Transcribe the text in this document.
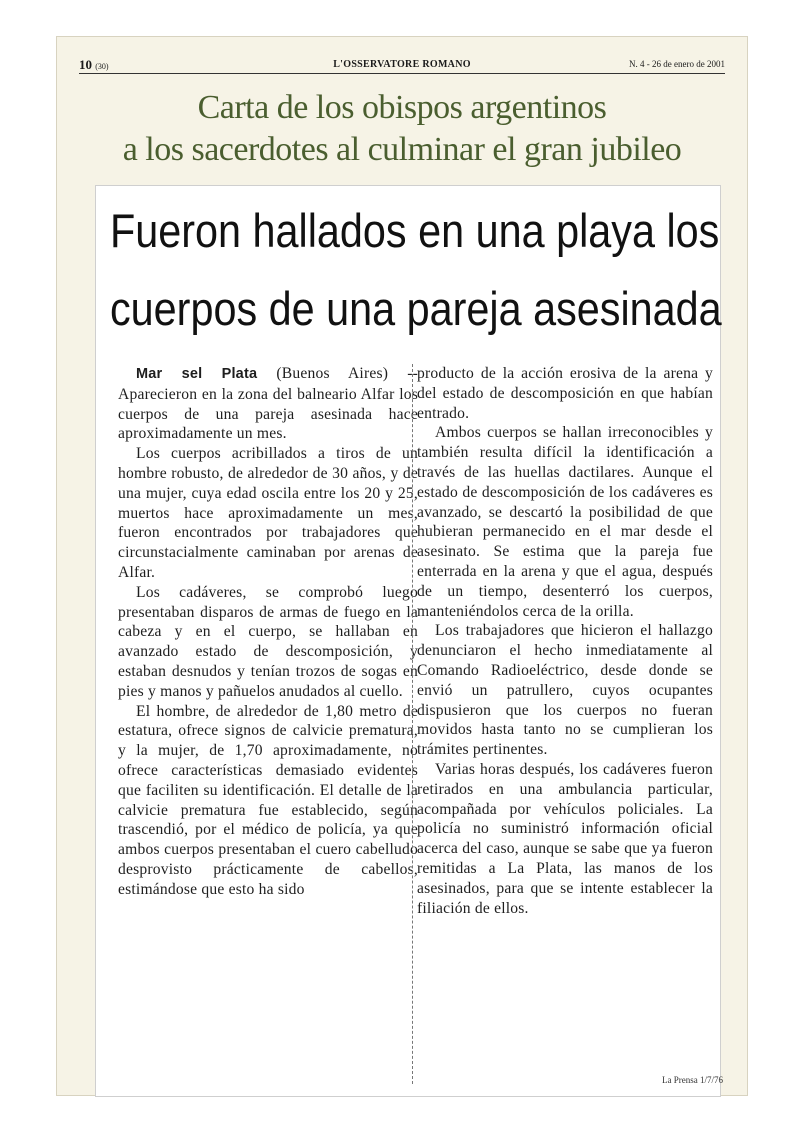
10 (30)	L'OSSERVATORE ROMANO	N. 4 - 26 de enero de 2001
Carta de los obispos argentinos
a los sacerdotes al culminar el gran jubileo
Fueron hallados en una playa los
cuerpos de una pareja asesinada

Mar sel Plata (Buenos Aires) -- Aparecieron en la zona del balneario Alfar los cuerpos de una pareja asesinada hace aproximadamente un mes.

Los cuerpos acribillados a tiros de un hombre robusto, de alrededor de 30 años, y de una mujer, cuya edad oscila entre los 20 y 25, muertos hace aproximadamente un mes, fueron encontrados por trabajadores que circunstacialmente caminaban por arenas de Alfar.

Los cadáveres, se comprobó luego presentaban disparos de armas de fuego en la cabeza y en el cuerpo, se hallaban en avanzado estado de descomposición, y estaban desnudos y tenían trozos de sogas en pies y manos y pañuelos anudados al cuello.

El hombre, de alrededor de 1,80 metro de estatura, ofrece signos de calvicie prematura, y la mujer, de 1,70 aproximadamente, no ofrece características demasiado evidentes que faciliten su identificación. El detalle de la calvicie prematura fue establecido, según trascendió, por el médico de policía, ya que ambos cuerpos presentaban el cuero cabelludo desprovisto prácticamente de cabellos, estimándose que esto ha sido

producto de la acción erosiva de la arena y del estado de descomposición en que habían entrado.

Ambos cuerpos se hallan irreconocibles y también resulta difícil la identificación a través de las huellas dactilares. Aunque el estado de descomposición de los cadáveres es avanzado, se descartó la posibilidad de que hubieran permanecido en el mar desde el asesinato. Se estima que la pareja fue enterrada en la arena y que el agua, después de un tiempo, desenterró los cuerpos, manteniéndolos cerca de la orilla.

Los trabajadores que hicieron el hallazgo denunciaron el hecho inmediatamente al Comando Radioeléctrico, desde donde se envió un patrullero, cuyos ocupantes dispusieron que los cuerpos no fueran movidos hasta tanto no se cumplieran los trámites pertinentes.

Varias horas después, los cadáveres fueron retirados en una ambulancia particular, acompañada por vehículos policiales. La policía no suministró información oficial acerca del caso, aunque se sabe que ya fueron remitidas a La Plata, las manos de los asesinados, para que se intente establecer la filiación de ellos.

La Prensa 1/7/76
